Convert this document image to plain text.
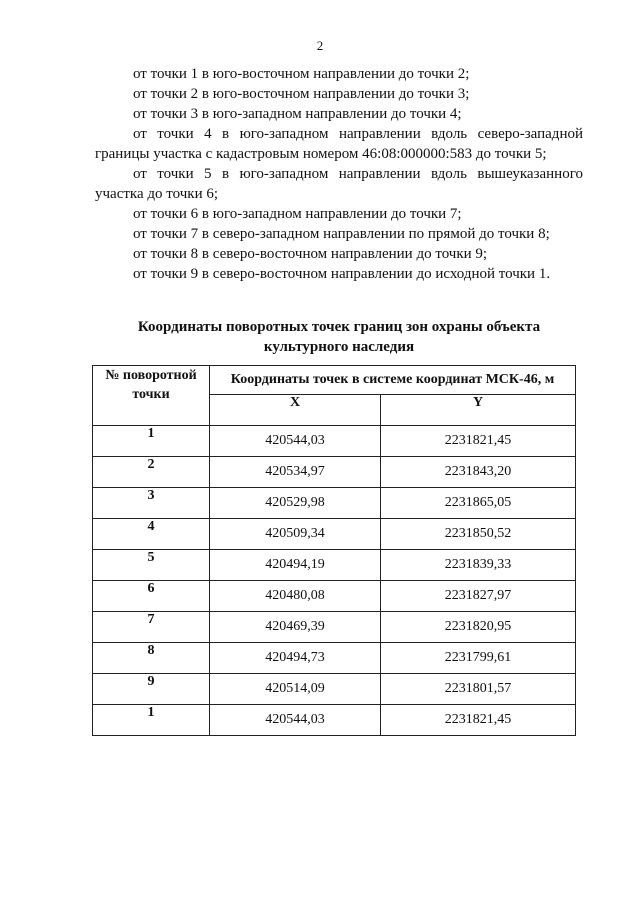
2

от точки 1 в юго-восточном направлении до точки 2;

от точки 2 в юго-восточном направлении до точки 3;

от точки 3 в юго-западном направлении до точки 4;

от точки 4 в юго-западном направлении вдоль северо-западной границы участка с кадастровым номером 46:08:000000:583 до точки 5;

от точки 5 в юго-западном направлении вдоль вышеуказанного участка до точки 6;

от точки 6 в юго-западном направлении до точки 7;

от точки 7 в северо-западном направлении по прямой до точки 8;

от точки 8 в северо-восточном направлении до точки 9;

от точки 9 в северо-восточном направлении до исходной точки 1.

Координаты поворотных точек границ зон охраны объекта
культурного наследия
№ поворотной
точки	Координаты точек в системе координат МСК-46, м	
	X	Y
1	420544,03	2231821,45
2	420534,97	2231843,20
3	420529,98	2231865,05
4	420509,34	2231850,52
5	420494,19	2231839,33
6	420480,08	2231827,97
7	420469,39	2231820,95
8	420494,73	2231799,61
9	420514,09	2231801,57
1	420544,03	2231821,45
